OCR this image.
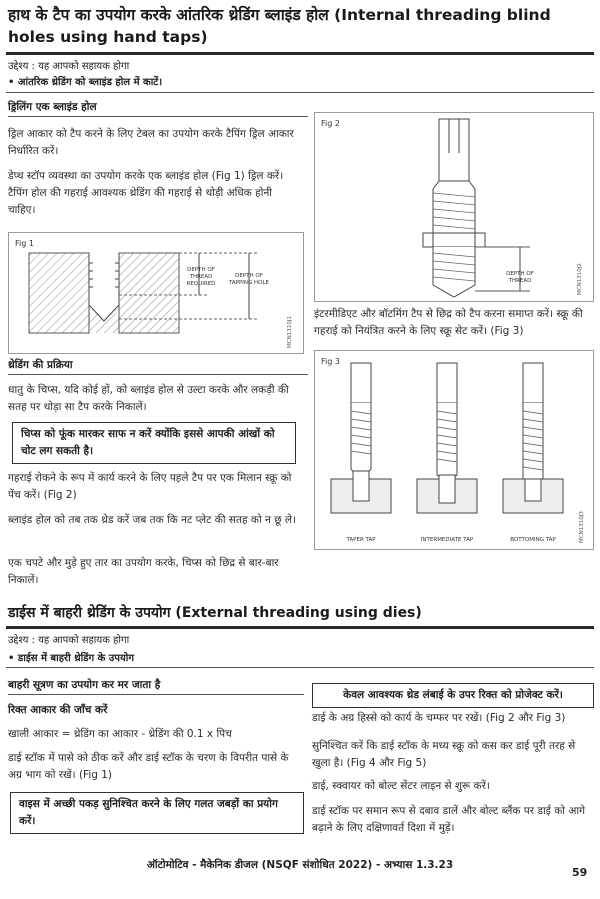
हाथ के टैप का उपयोग करके आंतरिक थ्रेडिंग ब्लाइंड होल (Internal threading blind holes using hand taps)
उद्देश्य : यह आपको सहायक होगा
• आंतरिक थ्रेडिंग को ब्लाइंड होल में काटें।
ड्रिलिंग एक ब्लाइंड होल
ड्रिल आकार को टैप करने के लिए टेबल का उपयोग करके टैपिंग ड्रिल आकार निर्धारित करें।
डेप्थ स्टॉप व्यवस्था का उपयोग करके एक ब्लाइंड होल (Fig 1) ड्रिल करें। टैपिंग होल की गहराई आवश्यक थ्रेडिंग की गहराई से थोड़ी अधिक होनी चाहिए।
Fig 1
DEPTH OF THREAD REQUIRED
DEPTH OF TAPPING HOLE
MCN1310J1
थ्रेडिंग की प्रक्रिया
धातु के चिप्स, यदि कोई हों, को ब्लाइंड होल से उल्टा करके और लकड़ी की सतह पर थोड़ा सा टैप करके निकालें।
चिप्स को फूंक मारकर साफ न करें क्योंकि इससे आपकी आंखों को चोट लग सकती है।
गहराई रोकने के रूप में कार्य करने के लिए पहले टैप पर एक मिलान स्क्रू को पेंच करें। (Fig 2)
ब्लाइंड होल को तब तक थ्रेड करें जब तक कि नट प्लेट की सतह को न छू ले।
एक चपटे और मुड़े हुए तार का उपयोग करके, चिप्स को छिद्र से बार-बार निकालें।
Fig 2
DEPTH OF THREAD	MCN1310J2
इंटरमीडिएट और बॉटमिंग टैप से छिद्र को टैप करना समाप्त करें। स्क्रू की गहराई को नियंत्रित करने के लिए स्क्रू सेट करें। (Fig 3)
Fig 3
TAPER TAP	INTERMEDIATE TAP	BOTTOMING TAP	MCN1310J3
डाईस में बाहरी थ्रेडिंग के उपयोग (External threading using dies)
उद्देश्य : यह आपको सहायक होगा
• डाईस में बाहरी थ्रेडिंग के उपयोग
बाहरी सूत्रण का उपयोग कर मर जाता है
रिक्त आकार की जाँच करें
खाली आकार = थ्रेडिंग का आकार - थ्रेडिंग की 0.1 x पिच
डाई स्टॉक में पासे को ठीक करें और डाई स्टॉक के चरण के विपरीत पासे के अग्र भाग को रखें। (Fig 1)
वाइस में अच्छी पकड़ सुनिश्चित करने के लिए गलत जबड़ों का प्रयोग करें।
केवल आवश्यक थ्रेड लंबाई के उपर रिक्त को प्रोजेक्ट करें।
डाई के अग्र हिस्से को कार्य के चम्फर पर रखें। (Fig 2 और Fig 3)
सुनिश्चित करें कि डाई स्टॉक के मध्य स्क्रू को कस कर डाई पूरी तरह से खुला है। (Fig 4 और Fig 5)
डाई, स्क्वायर को बोल्ट सेंटर लाइन से शुरू करें।
डाई स्टॉक पर समान रूप से दबाव डालें और बोल्ट ब्लैंक पर डाई को आगे बढ़ाने के लिए दक्षिणावर्त दिशा में मुड़ें।
ऑटोमोटिव - मैकेनिक डीजल (NSQF संशोधित 2022) - अभ्यास 1.3.23
59
